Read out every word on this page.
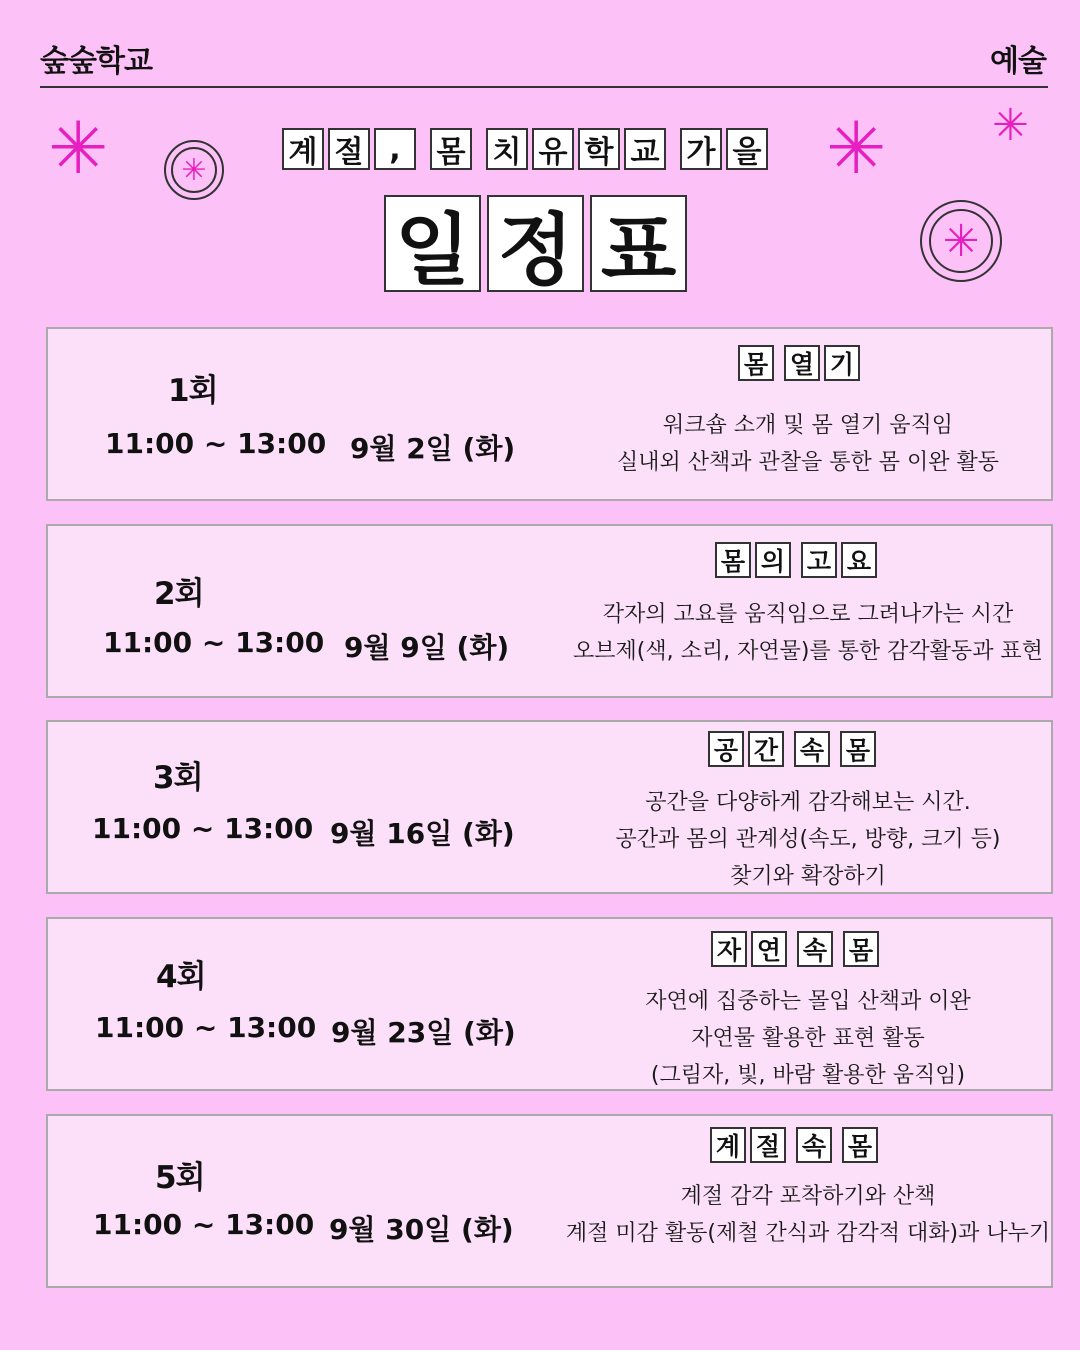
숲숲학교	예술
✳	✳ ✳
✳
✳
계 절 ,	몸 치 유 학 교 가 을
일 정 표
1회
11:00 ~ 13:00 9월 2일 (화)
몸 열 기
워크숍 소개 및 몸 열기 움직임
실내외 산책과 관찰을 통한 몸 이완 활동
2회
11:00 ~ 13:00 9월 9일 (화)
몸 의 고 요
각자의 고요를 움직임으로 그려나가는 시간
오브제(색, 소리, 자연물)를 통한 감각활동과 표현
3회
11:00 ~ 13:00 9월 16일 (화)
공 간 속 몸
공간을 다양하게 감각해보는 시간.
공간과 몸의 관계성(속도, 방향, 크기 등)
찾기와 확장하기
4회
11:00 ~ 13:00 9월 23일 (화)
자 연 속 몸
자연에 집중하는 몰입 산책과 이완
자연물 활용한 표현 활동
(그림자, 빛, 바람 활용한 움직임)
5회
11:00 ~ 13:00 9월 30일 (화)
계 절 속 몸
계절 감각 포착하기와 산책
계절 미감 활동(제철 간식과 감각적 대화)과 나누기
